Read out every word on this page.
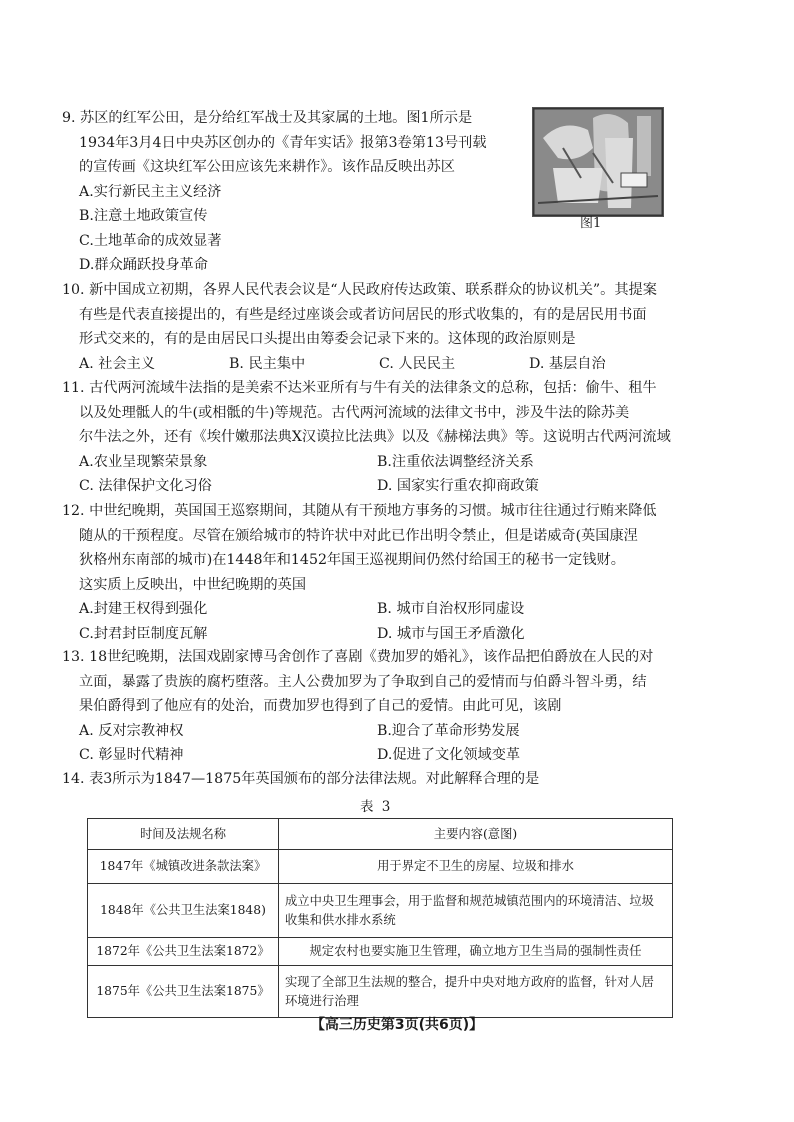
9. 苏区的红军公田，是分给红军战士及其家属的土地。图1所示是
1934年3月4日中央苏区创办的《青年实话》报第3卷第13号刊载
的宣传画《这块红军公田应该先来耕作》。该作品反映出苏区
A.实行新民主主义经济
B.注意土地政策宣传
C.土地革命的成效显著
D.群众踊跃投身革命
图1
10. 新中国成立初期，各界人民代表会议是“人民政府传达政策、联系群众的协议机关”。其提案
有些是代表直接提出的，有些是经过座谈会或者访问居民的形式收集的，有的是居民用书面
形式交来的，有的是由居民口头提出由筹委会记录下来的。这体现的政治原则是
A. 社会主义	B. 民主集中	C. 人民民主	D. 基层自治
11. 古代两河流域牛法指的是美索不达米亚所有与牛有关的法律条文的总称，包括：偷牛、租牛
以及处理骶人的牛(或相骶的牛)等规范。古代两河流域的法律文书中，涉及牛法的除苏美
尔牛法之外，还有《埃什嫩那法典X汉谟拉比法典》以及《赫梯法典》等。这说明古代两河流域
A.农业呈现繁荣景象	B.注重依法调整经济关系
C. 法律保护文化习俗	D. 国家实行重农抑商政策
12. 中世纪晚期，英国国王巡察期间，其随从有干预地方事务的习惯。城市往往通过行贿来降低
随从的干预程度。尽管在颁给城市的特许状中对此已作出明令禁止，但是诺威奇(英国康涅
狄格州东南部的城市)在1448年和1452年国王巡视期间仍然付给国王的秘书一定钱财。
这实质上反映出，中世纪晚期的英国
A.封建王权得到强化	B. 城市自治权形同虚设
C.封君封臣制度瓦解	D. 城市与国王矛盾激化
13. 18世纪晚期，法国戏剧家博马舍创作了喜剧《费加罗的婚礼》，该作品把伯爵放在人民的对
立面，暴露了贵族的腐朽堕落。主人公费加罗为了争取到自己的爱情而与伯爵斗智斗勇，结
果伯爵得到了他应有的处治，而费加罗也得到了自己的爱情。由此可见，该剧
A. 反对宗教神权	B.迎合了革命形势发展
C. 彰显时代精神	D.促进了文化领域变革
14. 表3所示为1847—1875年英国颁布的部分法律法规。对此解释合理的是
表 3
时间及法规名称	主要内容(意图)
1847年《城镇改进条款法案》	用于界定不卫生的房屋、垃圾和排水
1848年《公共卫生法案1848)	成立中央卫生理事会，用于监督和规范城镇范围内的环境清洁、垃圾收集和供水排水系统
1872年《公共卫生法案1872》	规定农村也要实施卫生管理，确立地方卫生当局的强制性责任
1875年《公共卫生法案1875》	实现了全部卫生法规的整合，提升中央对地方政府的监督，针对人居环境进行治理
【高三历史第3页(共6页)】
